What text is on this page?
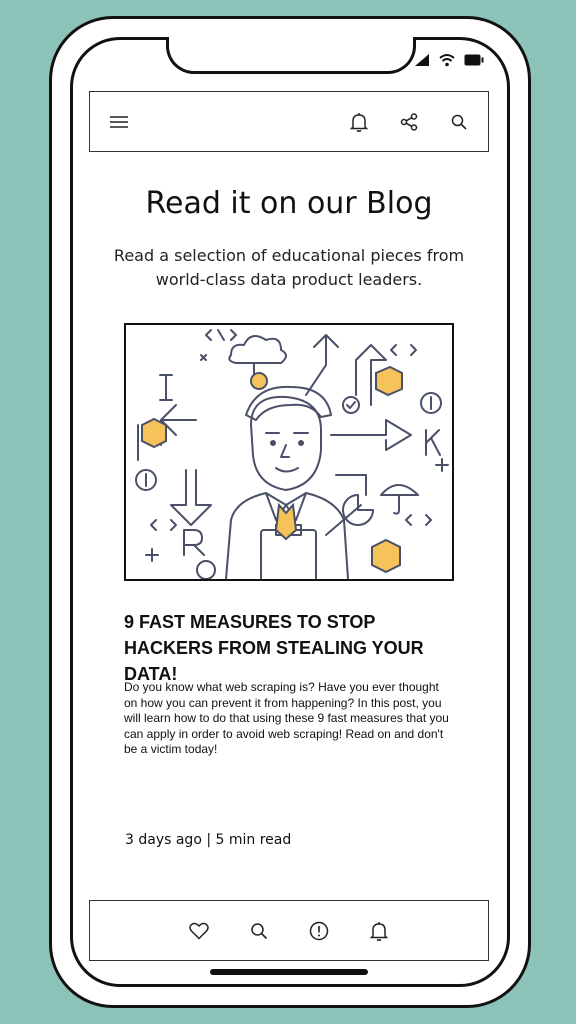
Read it on our Blog

Read a selection of educational pieces from world-class data product leaders.

9 FAST MEASURES TO STOP HACKERS FROM STEALING YOUR DATA!

Do you know what web scraping is? Have you ever thought on how you can prevent it from happening? In this post, you will learn how to do that using these 9 fast measures that you can apply in order to avoid web scraping! Read on and don't be a victim today!

3 days ago | 5 min read
